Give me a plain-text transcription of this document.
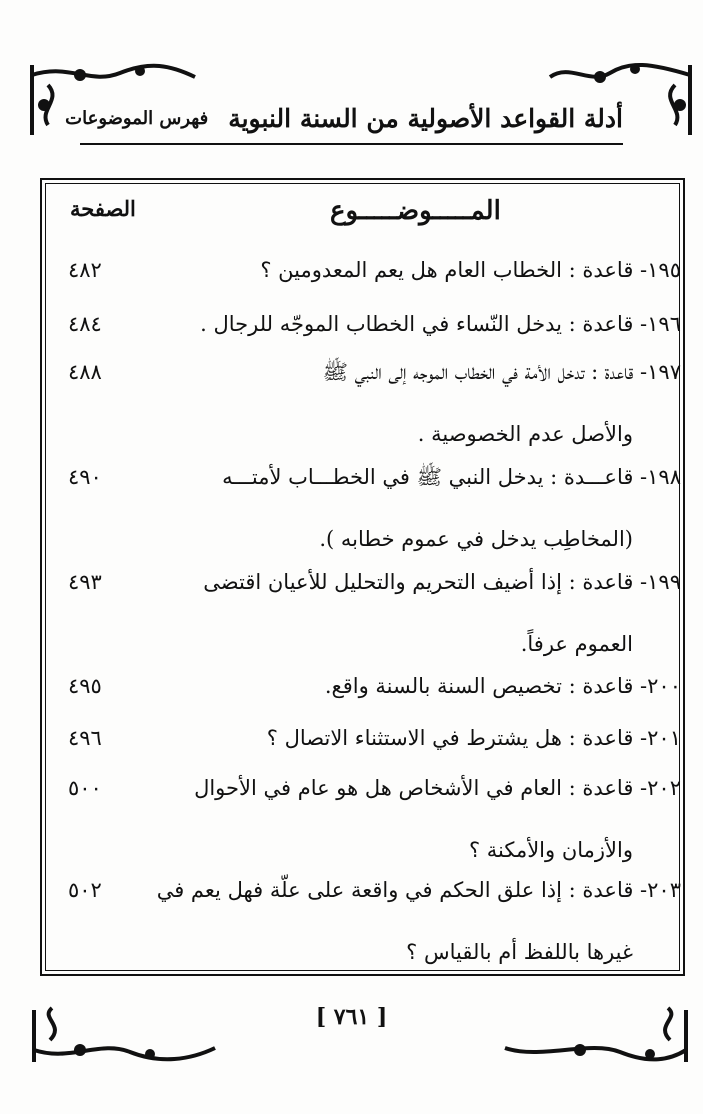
أدلة القواعد الأصولية من السنة النبوية
فهرس الموضوعات
المـــــوضـــــوع
الصفحة
١٩٥- قاعدة : الخطاب العام هل يعم المعدومين ؟
٤٨٢
١٩٦- قاعدة : يدخل النّساء في الخطاب الموجّه للرجال .
٤٨٤
١٩٧- قاعدة : تدخل الأمة في الخطاب الموجه إلى النبي ﷺ
والأصل عدم الخصوصية .
٤٨٨
١٩٨- قاعـــدة : يدخل النبي ﷺ في الخطـــاب لأمتـــه
(المخاطِب يدخل في عموم خطابه ).
٤٩٠
١٩٩- قاعدة : إذا أضيف التحريم والتحليل للأعيان اقتضى
العموم عرفاً.
٤٩٣
٢٠٠- قاعدة : تخصيص السنة بالسنة واقع.
٤٩٥
٢٠١- قاعدة : هل يشترط في الاستثناء الاتصال ؟
٤٩٦
٢٠٢- قاعدة : العام في الأشخاص هل هو عام في الأحوال
والأزمان والأمكنة ؟
٥٠٠
٢٠٣- قاعدة : إذا علق الحكم في واقعة على علّة فهل يعم في
غيرها باللفظ أم بالقياس ؟
٥٠٢
[ ٧٦١ ]
